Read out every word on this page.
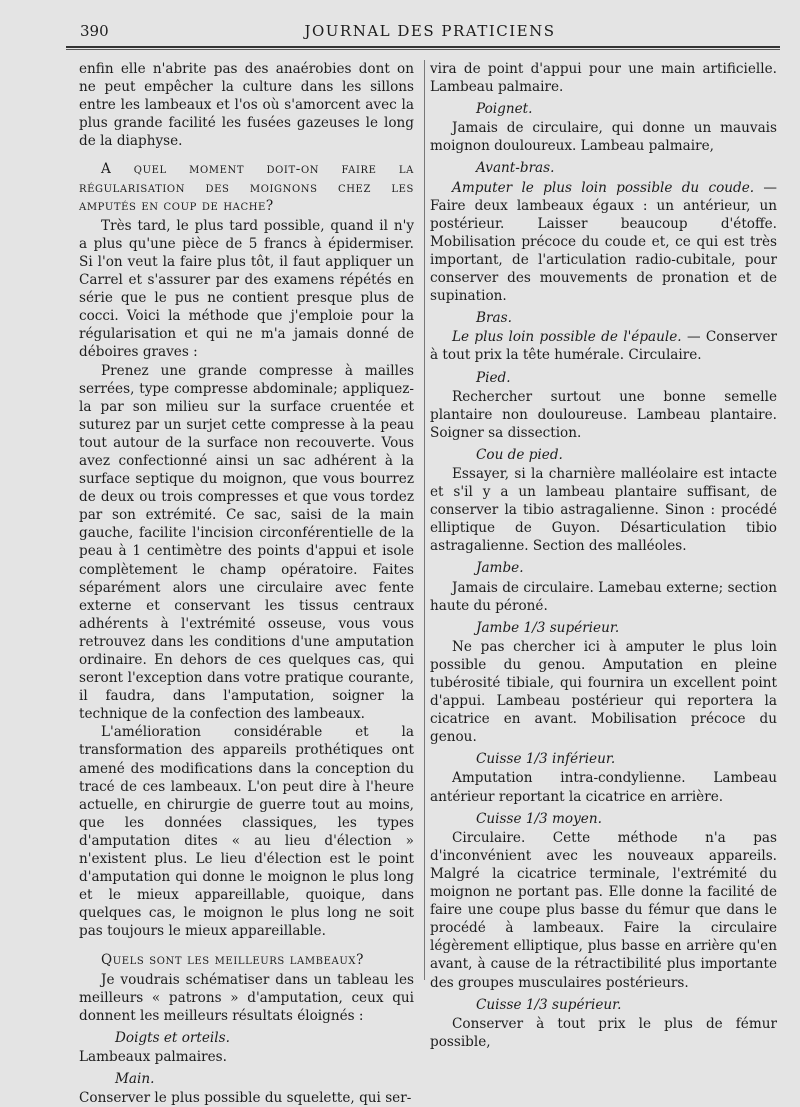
390	JOURNAL DES PRATICIENS

enfin elle n'abrite pas des anaérobies dont on ne peut empêcher la culture dans les sillons entre les lambeaux et l'os où s'amorcent avec la plus grande facilité les fusées gazeuses le long de la diaphyse.

A quel moment doit-on faire la régularisation des moignons chez les amputés en coup de hache?

Très tard, le plus tard possible, quand il n'y a plus qu'une pièce de 5 francs à épidermiser. Si l'on veut la faire plus tôt, il faut appliquer un Carrel et s'assurer par des examens répétés en série que le pus ne contient presque plus de cocci. Voici la méthode que j'emploie pour la régularisation et qui ne m'a jamais donné de déboires graves :

Prenez une grande compresse à mailles serrées, type compresse abdominale; appliquez-la par son milieu sur la surface cruentée et suturez par un surjet cette compresse à la peau tout autour de la surface non recouverte. Vous avez confectionné ainsi un sac adhérent à la surface septique du moignon, que vous bourrez de deux ou trois compresses et que vous tordez par son extrémité. Ce sac, saisi de la main gauche, facilite l'incision circonférentielle de la peau à 1 centimètre des points d'appui et isole complètement le champ opératoire. Faites séparément alors une circulaire avec fente externe et conservant les tissus centraux adhérents à l'extrémité osseuse, vous vous retrouvez dans les conditions d'une amputation ordinaire. En dehors de ces quelques cas, qui seront l'exception dans votre pratique courante, il faudra, dans l'amputation, soigner la technique de la confection des lambeaux.

L'amélioration considérable et la transformation des appareils prothétiques ont amené des modifications dans la conception du tracé de ces lambeaux. L'on peut dire à l'heure actuelle, en chirurgie de guerre tout au moins, que les données classiques, les types d'amputation dites « au lieu d'élection » n'existent plus. Le lieu d'élection est le point d'amputation qui donne le moignon le plus long et le mieux appareillable, quoique, dans quelques cas, le moignon le plus long ne soit pas toujours le mieux appareillable.

Quels sont les meilleurs lambeaux?

Je voudrais schématiser dans un tableau les meilleurs « patrons » d'amputation, ceux qui donnent les meilleurs résultats éloignés :

Doigts et orteils.

Lambeaux palmaires.

Main.

Conserver le plus possible du squelette, qui ser-

vira de point d'appui pour une main artificielle. Lambeau palmaire.

Poignet.

Jamais de circulaire, qui donne un mauvais moignon douloureux. Lambeau palmaire,

Avant-bras.

Amputer le plus loin possible du coude. — Faire deux lambeaux égaux : un antérieur, un postérieur. Laisser beaucoup d'étoffe. Mobilisation précoce du coude et, ce qui est très important, de l'articulation radio-cubitale, pour conserver des mouvements de pronation et de supination.

Bras.

Le plus loin possible de l'épaule. — Conserver à tout prix la tête humérale. Circulaire.

Pied.

Rechercher surtout une bonne semelle plantaire non douloureuse. Lambeau plantaire. Soigner sa dissection.

Cou de pied.

Essayer, si la charnière malléolaire est intacte et s'il y a un lambeau plantaire suffisant, de conserver la tibio astragalienne. Sinon : procédé elliptique de Guyon. Désarticulation tibio astragalienne. Section des malléoles.

Jambe.

Jamais de circulaire. Lamebau externe; section haute du péroné.

Jambe 1/3 supérieur.

Ne pas chercher ici à amputer le plus loin possible du genou. Amputation en pleine tubérosité tibiale, qui fournira un excellent point d'appui. Lambeau postérieur qui reportera la cicatrice en avant. Mobilisation précoce du genou.

Cuisse 1/3 inférieur.

Amputation intra-condylienne. Lambeau antérieur reportant la cicatrice en arrière.

Cuisse 1/3 moyen.

Circulaire. Cette méthode n'a pas d'inconvénient avec les nouveaux appareils. Malgré la cicatrice terminale, l'extrémité du moignon ne portant pas. Elle donne la facilité de faire une coupe plus basse du fémur que dans le procédé à lambeaux. Faire la circulaire légèrement elliptique, plus basse en arrière qu'en avant, à cause de la rétractibilité plus importante des groupes musculaires postérieurs.

Cuisse 1/3 supérieur.

Conserver à tout prix le plus de fémur possible,
